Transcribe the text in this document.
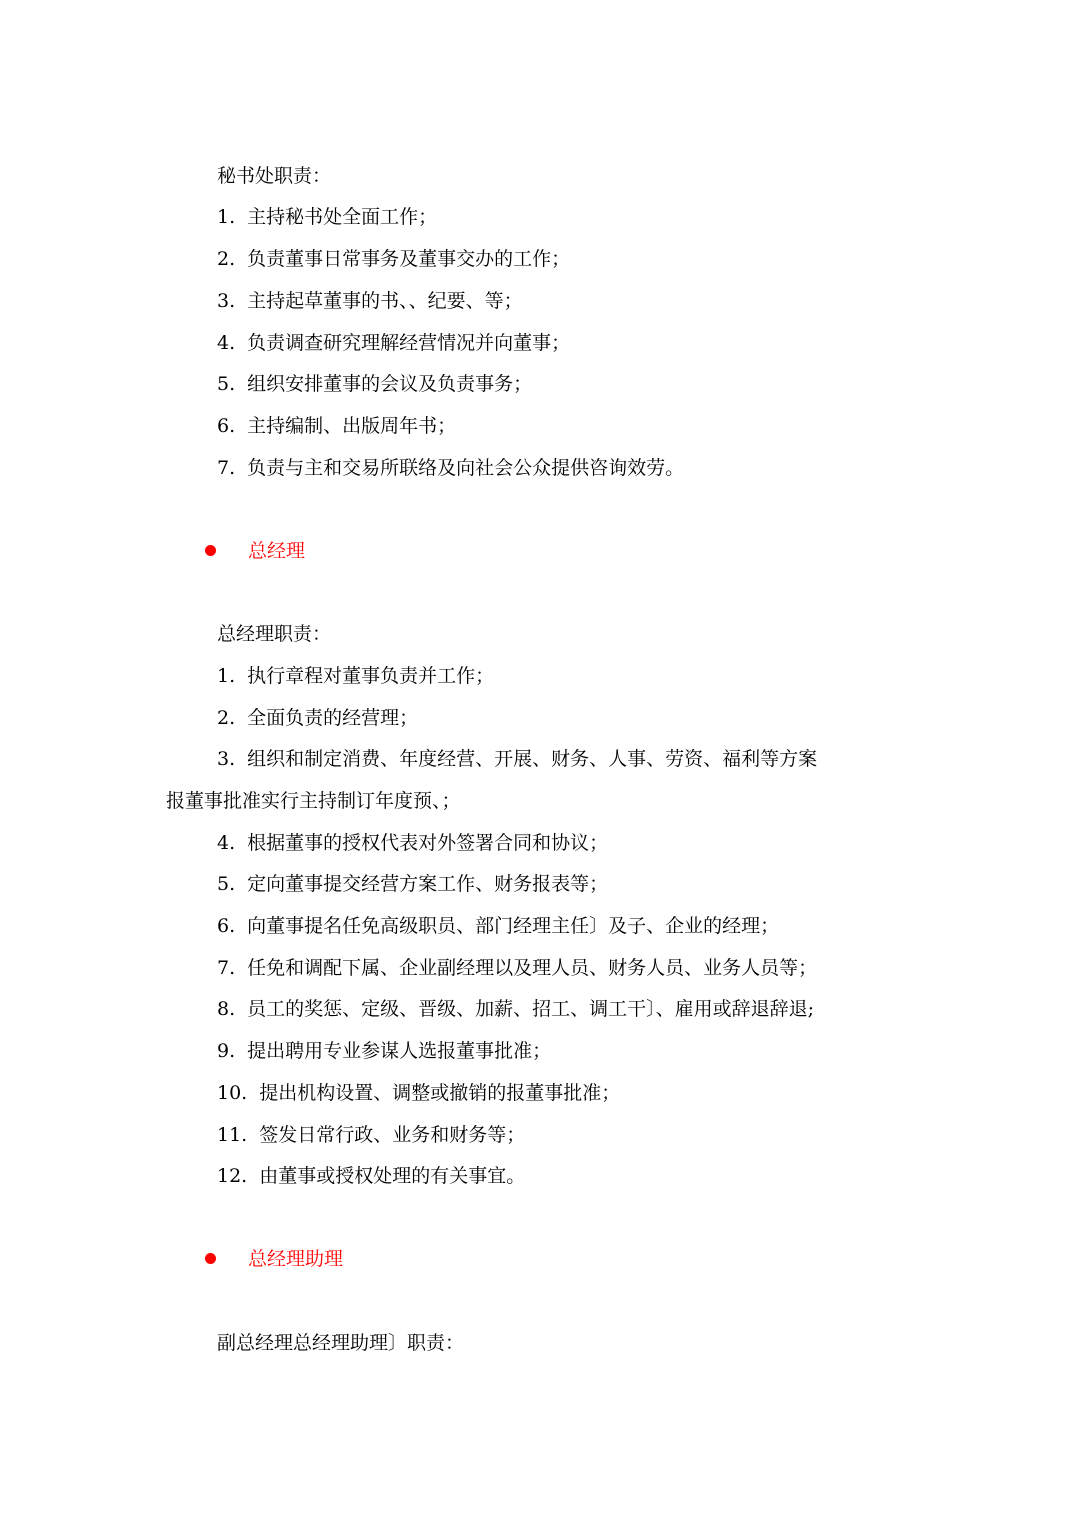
秘书处职责：
1. 主持秘书处全面工作；
2. 负责董事日常事务及董事交办的工作；
3. 主持起草董事的书、、纪要、等；
4. 负责调查研究理解经营情况并向董事；
5. 组织安排董事的会议及负责事务；
6. 主持编制、出版周年书；
7. 负责与主和交易所联络及向社会公众提供咨询效劳。
总经理
总经理职责：
1. 执行章程对董事负责并工作；
2. 全面负责的经营理；
3. 组织和制定消费、年度经营、开展、财务、人事、劳资、福利等方案
报董事批准实行主持制订年度预、；
4. 根据董事的授权代表对外签署合同和协议；
5. 定向董事提交经营方案工作、财务报表等；
6. 向董事提名任免高级职员、部门经理主任〕及子、企业的经理；
7. 任免和调配下属、企业副经理以及理人员、财务人员、业务人员等；
8. 员工的奖惩、定级、晋级、加薪、招工、调工干〕、雇用或辞退辞退;
9. 提出聘用专业参谋人选报董事批准；
10. 提出机构设置、调整或撤销的报董事批准；
11. 签发日常行政、业务和财务等；
12. 由董事或授权处理的有关事宜。
总经理助理
副总经理总经理助理〕职责：
